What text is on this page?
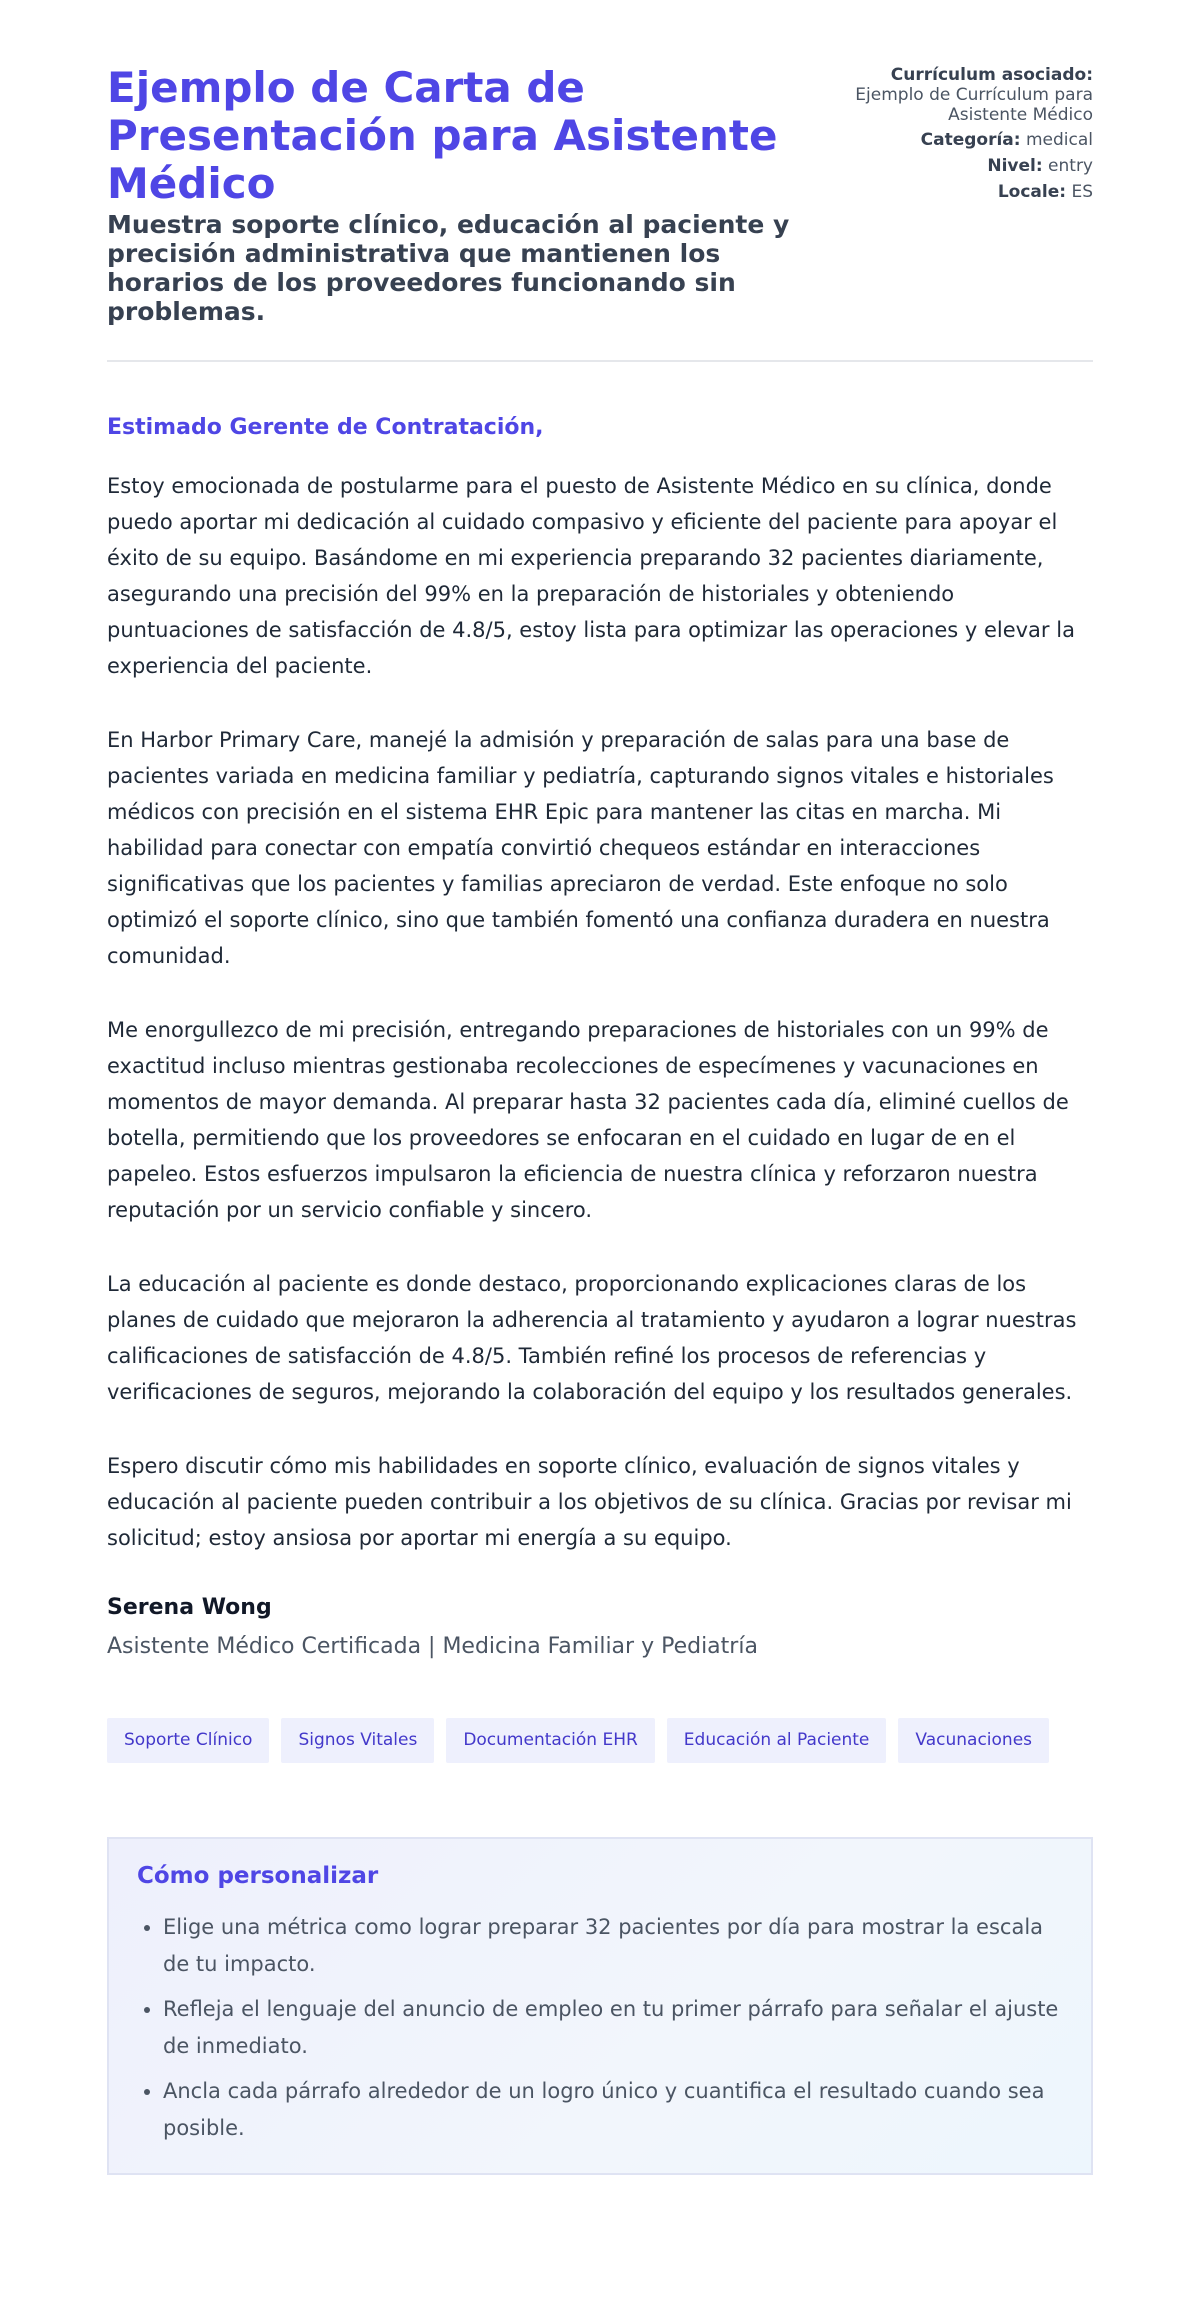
Ejemplo de Carta de Presentación para Asistente Médico
Muestra soporte clínico, educación al paciente y precisión administrativa que mantienen los horarios de los proveedores funcionando sin problemas.
Currículum asociado:
Ejemplo de Currículum para Asistente Médico
Categoría: medical
Nivel: entry
Locale: ES

Estimado Gerente de Contratación,

Estoy emocionada de postularme para el puesto de Asistente Médico en su clínica, donde puedo aportar mi dedicación al cuidado compasivo y eficiente del paciente para apoyar el éxito de su equipo. Basándome en mi experiencia preparando 32 pacientes diariamente, asegurando una precisión del 99% en la preparación de historiales y obteniendo puntuaciones de satisfacción de 4.8/5, estoy lista para optimizar las operaciones y elevar la experiencia del paciente.

En Harbor Primary Care, manejé la admisión y preparación de salas para una base de pacientes variada en medicina familiar y pediatría, capturando signos vitales e historiales médicos con precisión en el sistema EHR Epic para mantener las citas en marcha. Mi habilidad para conectar con empatía convirtió chequeos estándar en interacciones significativas que los pacientes y familias apreciaron de verdad. Este enfoque no solo optimizó el soporte clínico, sino que también fomentó una confianza duradera en nuestra comunidad.

Me enorgullezco de mi precisión, entregando preparaciones de historiales con un 99% de exactitud incluso mientras gestionaba recolecciones de especímenes y vacunaciones en momentos de mayor demanda. Al preparar hasta 32 pacientes cada día, eliminé cuellos de botella, permitiendo que los proveedores se enfocaran en el cuidado en lugar de en el papeleo. Estos esfuerzos impulsaron la eficiencia de nuestra clínica y reforzaron nuestra reputación por un servicio confiable y sincero.

La educación al paciente es donde destaco, proporcionando explicaciones claras de los planes de cuidado que mejoraron la adherencia al tratamiento y ayudaron a lograr nuestras calificaciones de satisfacción de 4.8/5. También refiné los procesos de referencias y verificaciones de seguros, mejorando la colaboración del equipo y los resultados generales.

Espero discutir cómo mis habilidades en soporte clínico, evaluación de signos vitales y educación al paciente pueden contribuir a los objetivos de su clínica. Gracias por revisar mi solicitud; estoy ansiosa por aportar mi energía a su equipo.

Serena Wong

Asistente Médico Certificada | Medicina Familiar y Pediatría

Soporte Clínico	Signos Vitales	Documentación EHR	Educación al Paciente	Vacunaciones
Cómo personalizar
• Elige una métrica como lograr preparar 32 pacientes por día para mostrar la escala de tu impacto.
• Refleja el lenguaje del anuncio de empleo en tu primer párrafo para señalar el ajuste de inmediato.
• Ancla cada párrafo alrededor de un logro único y cuantifica el resultado cuando sea posible.
